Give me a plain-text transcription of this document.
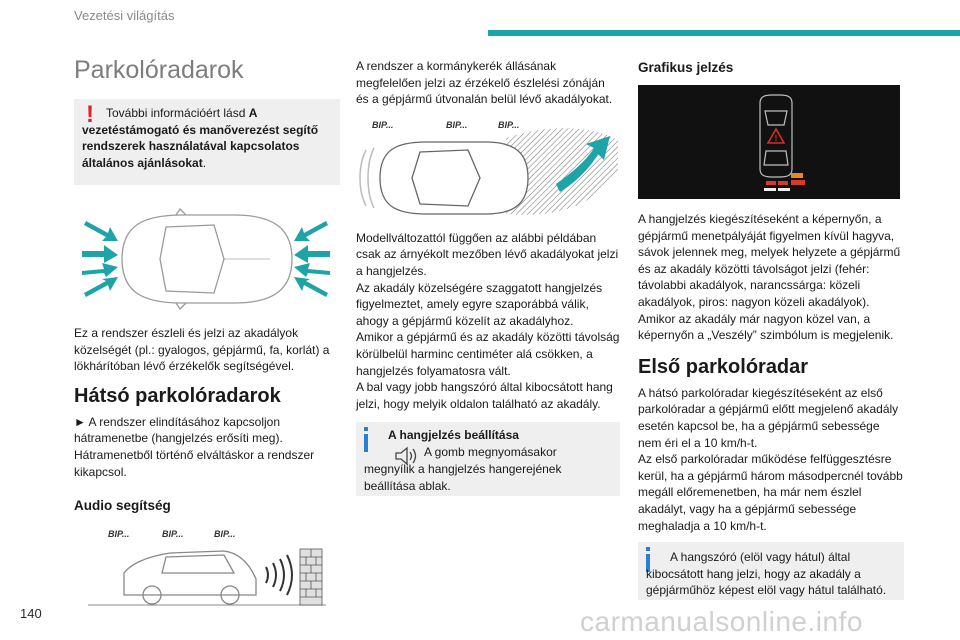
Vezetési világítás
Parkolóradarok
!	További információért lásd A vezetéstámogató és manőverezést segítő rendszerek használatával kapcsolatos általános ajánlásokat.

Ez a rendszer észleli és jelzi az akadályok közelségét (pl.: gyalogos, gépjármű, fa, korlát) a lökhárítóban lévő érzékelők segítségével.

Hátsó parkolóradarok

► A rendszer elindításához kapcsoljon hátramenetbe (hangjelzés erősíti meg). Hátramenetből történő elváltáskor a rendszer kikapcsol.

Audio segítség
BIP...	BIP...	BIP...

A rendszer a kormánykerék állásának megfelelően jelzi az érzékelő észlelési zónáján és a gépjármű útvonalán belül lévő akadályokat.

BIP...	BIP...	BIP...

Modellváltozattól függően az alábbi példában csak az árnyékolt mezőben lévő akadályokat jelzi a hangjelzés.
Az akadály közelségére szaggatott hangjelzés figyelmeztet, amely egyre szaporábbá válik, ahogy a gépjármű közelít az akadályhoz.
Amikor a gépjármű és az akadály közötti távolság körülbelül harminc centiméter alá csökken, a hangjelzés folyamatosra vált.
A bal vagy jobb hangszóró által kibocsátott hang jelzi, hogy melyik oldalon található az akadály.

A hangjelzés beállítása

A gomb megnyomásakor megnyílik a hangjelzés hangerejének beállítása ablak.

Grafikus jelzés
!

A hangjelzés kiegészítéseként a képernyőn, a gépjármű menetpályáját figyelmen kívül hagyva, sávok jelennek meg, melyek helyzete a gépjármű és az akadály közötti távolságot jelzi (fehér: távolabbi akadályok, narancssárga: közeli akadályok, piros: nagyon közeli akadályok).
Amikor az akadály már nagyon közel van, a képernyőn a „Veszély” szimbólum is megjelenik.

Első parkolóradar

A hátsó parkolóradar kiegészítéseként az első parkolóradar a gépjármű előtt megjelenő akadály esetén kapcsol be, ha a gépjármű sebessége nem éri el a 10 km/h-t.
Az első parkolóradar működése felfüggesztésre kerül, ha a gépjármű három másodpercnél tovább megáll előremenetben, ha már nem észlel akadályt, vagy ha a gépjármű sebessége meghaladja a 10 km/h-t.

A hangszóró (elöl vagy hátul) által kibocsátott hang jelzi, hogy az akadály a gépjárműhöz képest elöl vagy hátul található.

140	carmanualsonline.info
